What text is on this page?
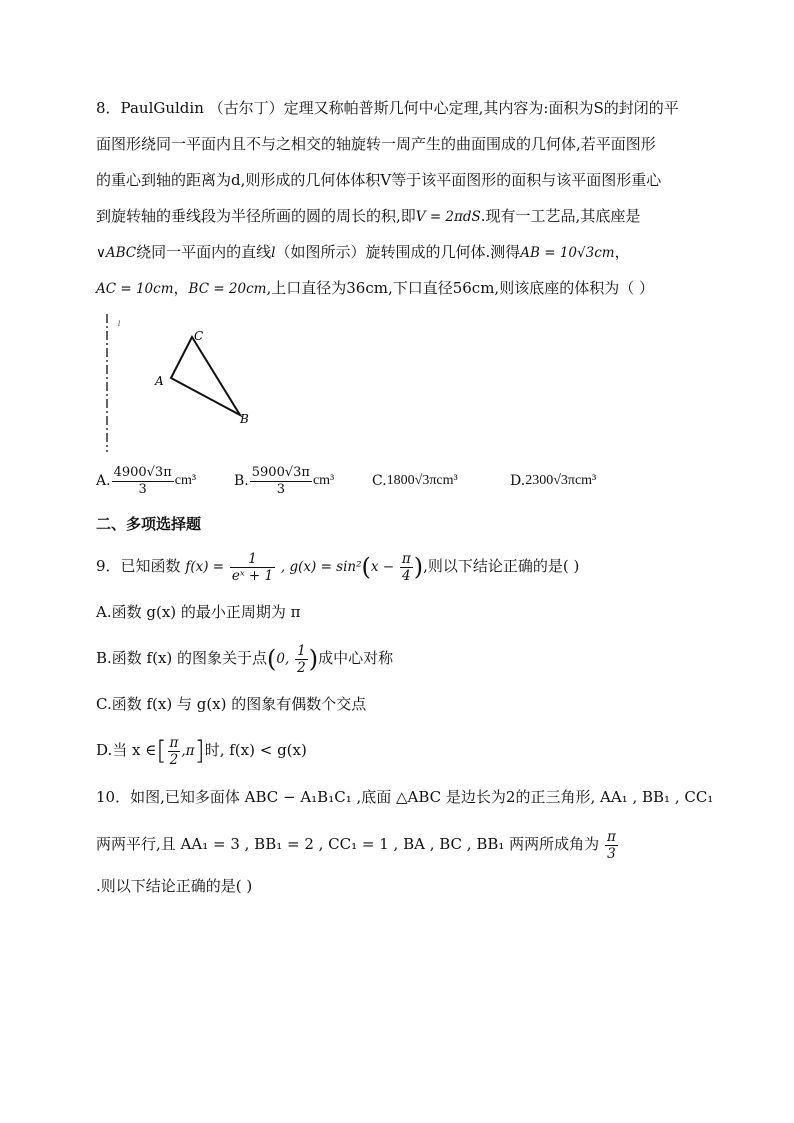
8．PaulGuldin （古尔丁）定理又称帕普斯几何中心定理,其内容为:面积为S的封闭的平
面图形绕同一平面内且不与之相交的轴旋转一周产生的曲面围成的几何体,若平面图形
的重心到轴的距离为d,则形成的几何体体积V等于该平面图形的面积与该平面图形重心
到旋转轴的垂线段为半径所画的圆的周长的积,即V = 2πdS.现有一工艺品,其底座是
∨ABC绕同一平面内的直线l（如图所示）旋转围成的几何体.测得AB = 10√3cm，
AC = 10cm，BC = 20cm,上口直径为36cm,下口直径56cm,则该底座的体积为（ ）
l
C
A
B
A. $\frac{4900√3\pi}{3} cm^3$	B. $\frac{5900√3\pi}{3} cm^3$	C. 1800√3πcm³	D. 2300√3πcm³
二、多项选择题
9．已知函数 $f(x) = \frac{1}{\text{eˣ + 1}}$ , $g(x) = \sin^2(x - \frac{\pi}{4}$ ),则以下结论正确的是( )
A.函数 g(x) 的最小正周期为 π
B.函数 f(x) 的图象关于点(0, $\frac{1}{2}$ )成中心对称
C.函数 f(x) 与 g(x) 的图象有偶数个交点
D.当 x ∈[ $\frac{\pi}{2} ,\pi$]时, f(x) < g(x)
10．如图,已知多面体 ABC − A₁B₁C₁ ,底面 △ABC 是边长为2的正三角形, AA₁ , BB₁ , CC₁
两两平行,且 AA₁ = 3 , BB₁ = 2 , CC₁ = 1 , BA , BC , BB₁ 两两所成角为 $\frac{\pi}{3}$
.则以下结论正确的是( )
